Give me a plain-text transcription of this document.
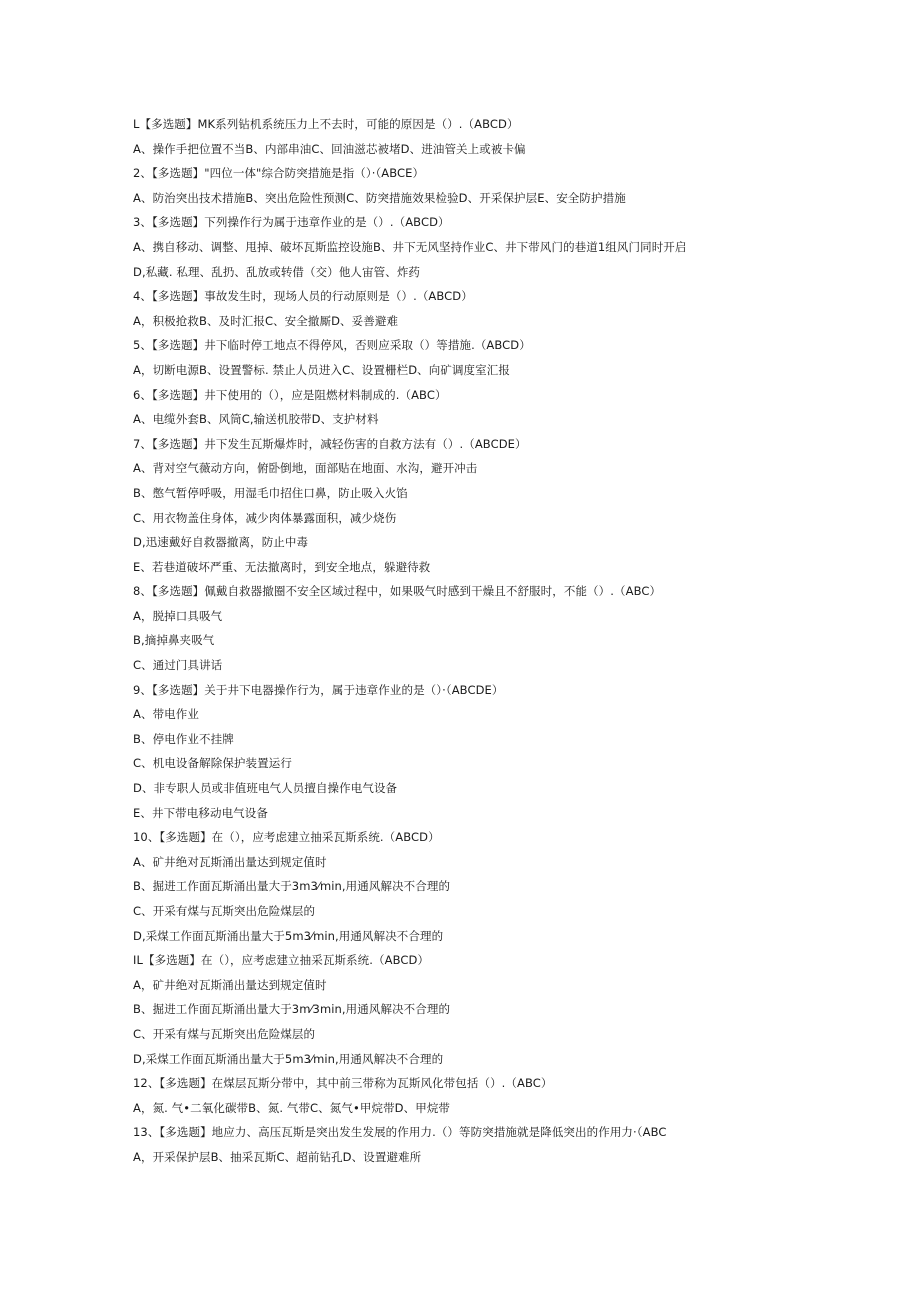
L【多选题】MK系列钻机系统压力上不去时，可能的原因是（）.（ABCD）
A、操作手把位置不当B、内部串油C、回油滋芯被堵D、进油管关上或被卡偏
2、【多选题】"四位一体"综合防突措施是指（）·（ABCE）
A、防治突出技术措施B、突出危险性预测C、防突措施效果检验D、开采保护层E、安全防护措施
3、【多选题】下列操作行为属于违章作业的是（）.（ABCD）
A、携自移动、调整、甩掉、破坏瓦斯监控设施B、井下无风坚持作业C、井下带风门的巷道1组风门同时开启
D,私藏. 私理、乱扔、乱放或转借（交）他人宙管、炸药
4、【多选题】事故发生时，现场人员的行动原则是（）.（ABCD）
A，积极抢救B、及时汇报C、安全撤厮D、妥善避难
5、【多选题】井下临时停工地点不得停风，否则应采取（）等措施.（ABCD）
A，切断电源B、设置警标. 禁止人员进入C、设置栅栏D、向矿调度室汇报
6、【多选题】井下使用的（），应是阻燃材料制成的.（ABC）
A、电缆外套B、风筒C,输送机胶带D、支护材料
7、【多选题】井下发生瓦斯爆炸时，减轻伤害的自救方法有（）.（ABCDE）
A、背对空气薇动方向，俯卧倒地，面部贴在地面、水沟，避开冲击
B、憋气暂停呼吸，用湿毛巾招住口鼻，防止吸入火馅
C、用衣物盖住身体，减少肉体暴露面积，减少烧伤
D,迅速戴好自救器撤离，防止中毒
E、若巷道破坏严重、无法撤离时，到安全地点，躲避待救
8、【多选题】佩戴自救器撤圈不安全区域过程中，如果吸气时感到干燥且不舒服时，不能（）.（ABC）
A，脱掉口具吸气
B,摘掉鼻夹吸气
C、通过门具讲话
9、【多选题】关于井下电器操作行为，属于违章作业的是（）·（ABCDE）
A、带电作业
B、停电作业不挂牌
C、机电设备解除保护装置运行
D、非专职人员或非值班电气人员擅自操作电气设备
E、井下带电移动电气设备
10、【多选题】在（），应考虑建立抽采瓦斯系统.（ABCD）
A、矿井绝对瓦斯涌出量达到规定值时
B、掘进工作面瓦斯涌出量大于3m3⁄min,用通风解决不合理的
C、开采有煤与瓦斯突出危险煤层的
D,采煤工作面瓦斯涌出量大于5m3⁄min,用通风解决不合理的
IL【多选题】在（），应考虑建立抽采瓦斯系统.（ABCD）
A，矿井绝对瓦斯涌出量达到规定值时
B、掘进工作面瓦斯涌出量大于3m⁄3min,用通风解决不合理的
C、开采有煤与瓦斯突出危险煤层的
D,采煤工作面瓦斯涌出量大于5m3⁄min,用通风解决不合理的
12、【多选题】在煤层瓦斯分带中，其中前三带称为瓦斯风化带包括（）.（ABC）
A，氮. 气•二氧化碳带B、氮. 气带C、氮气•甲烷带D、甲烷带
13、【多选题】地应力、高压瓦斯是突出发生发展的作用力.（）等防突措施就是降低突出的作用力·（ABC
A，开采保护层B、抽采瓦斯C、超前钻孔D、设置避难所
